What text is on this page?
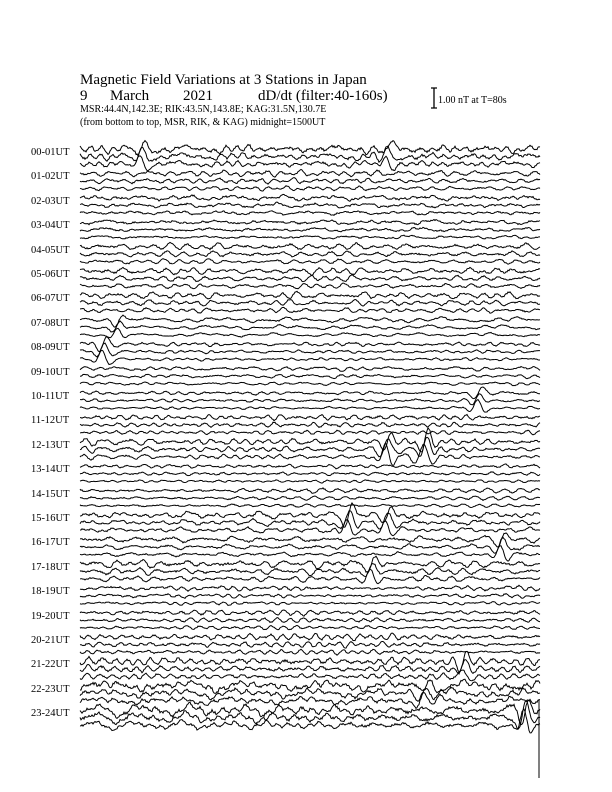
Magnetic Field Variations at 3 Stations in Japan
9 March 2021	dD/dt (filter:40-160s)
MSR:44.4N,142.3E; RIK:43.5N,143.8E; KAG:31.5N,130.7E
(from bottom to top, MSR, RIK, & KAG) midnight=1500UT
1.00 nT at T=80s
00-01UT
01-02UT
02-03UT
03-04UT
04-05UT
05-06UT
06-07UT
07-08UT
08-09UT
09-10UT
10-11UT
11-12UT
12-13UT
13-14UT
14-15UT
15-16UT
16-17UT
17-18UT
18-19UT
19-20UT
20-21UT
21-22UT
22-23UT
23-24UT
